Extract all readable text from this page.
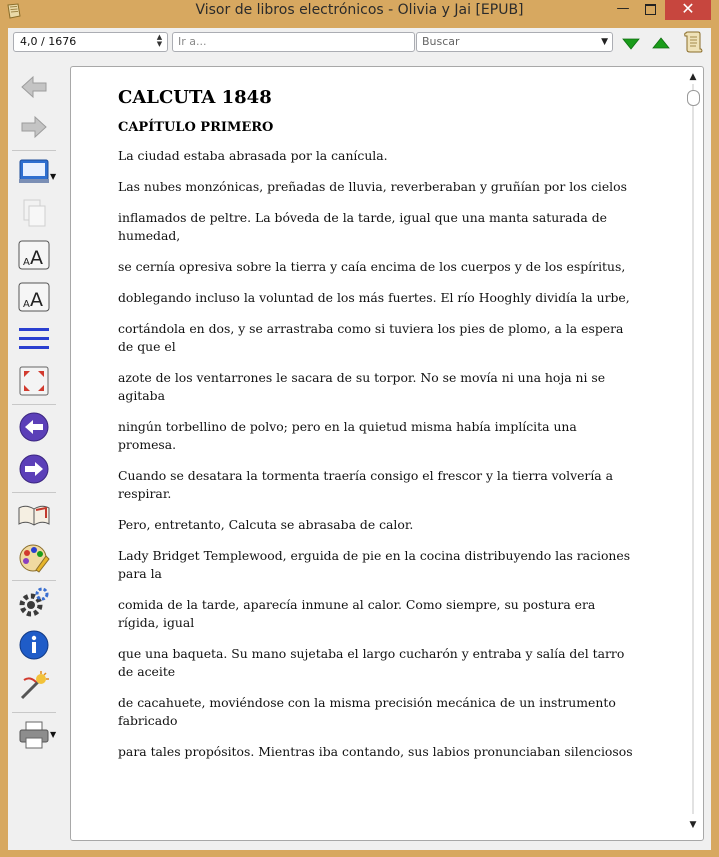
Visor de libros electrónicos - Olivia y Jai [EPUB]	—	✕
4,0 / 1676	▲
▼	Ir a...	Buscar	▼
▼
A A
A A
▼
CALCUTA 1848
CAPÍTULO PRIMERO

La ciudad estaba abrasada por la canícula.

Las nubes monzónicas, preñadas de lluvia, reverberaban y gruñían por los cielos

inflamados de peltre. La bóveda de la tarde, igual que una manta saturada de humedad,

se cernía opresiva sobre la tierra y caía encima de los cuerpos y de los espíritus,

doblegando incluso la voluntad de los más fuertes. El río Hooghly dividía la urbe,

cortándola en dos, y se arrastraba como si tuviera los pies de plomo, a la espera de que el

azote de los ventarrones le sacara de su torpor. No se movía ni una hoja ni se agitaba

ningún torbellino de polvo; pero en la quietud misma había implícita una promesa.

Cuando se desatara la tormenta traería consigo el frescor y la tierra volvería a respirar.

Pero, entretanto, Calcuta se abrasaba de calor.

Lady Bridget Templewood, erguida de pie en la cocina distribuyendo las raciones para la

comida de la tarde, aparecía inmune al calor. Como siempre, su postura era rígida, igual

que una baqueta. Su mano sujetaba el largo cucharón y entraba y salía del tarro de aceite

de cacahuete, moviéndose con la misma precisión mecánica de un instrumento fabricado

para tales propósitos. Mientras iba contando, sus labios pronunciaban silenciosos

▲
▼
